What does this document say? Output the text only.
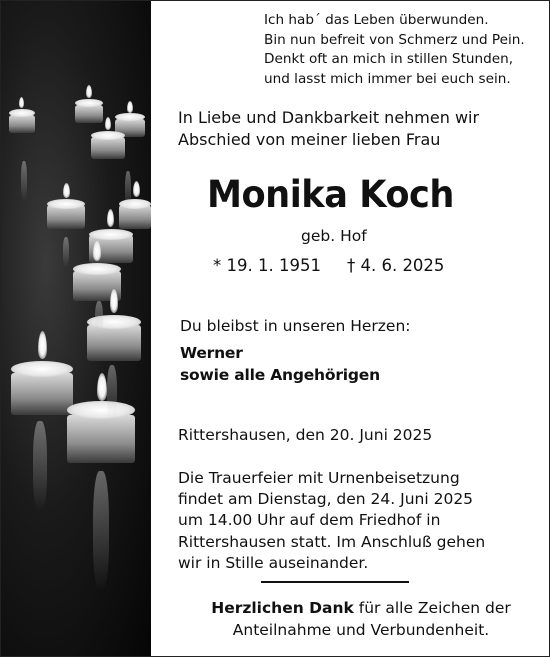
Ich hab´ das Leben überwunden.
Bin nun befreit von Schmerz und Pein.
Denkt oft an mich in stillen Stunden,
und lasst mich immer bei euch sein.
In Liebe und Dankbarkeit nehmen wir
Abschied von meiner lieben Frau
Monika Koch
geb. Hof
* 19. 1. 1951 † 4. 6. 2025
Du bleibst in unseren Herzen:
Werner
sowie alle Angehörigen
Rittershausen, den 20. Juni 2025
Die Trauerfeier mit Urnenbeisetzung
findet am Dienstag, den 24. Juni 2025
um 14.00 Uhr auf dem Friedhof in
Rittershausen statt. Im Anschluß gehen
wir in Stille auseinander.
Herzlichen Dank für alle Zeichen der
Anteilnahme und Verbundenheit.
